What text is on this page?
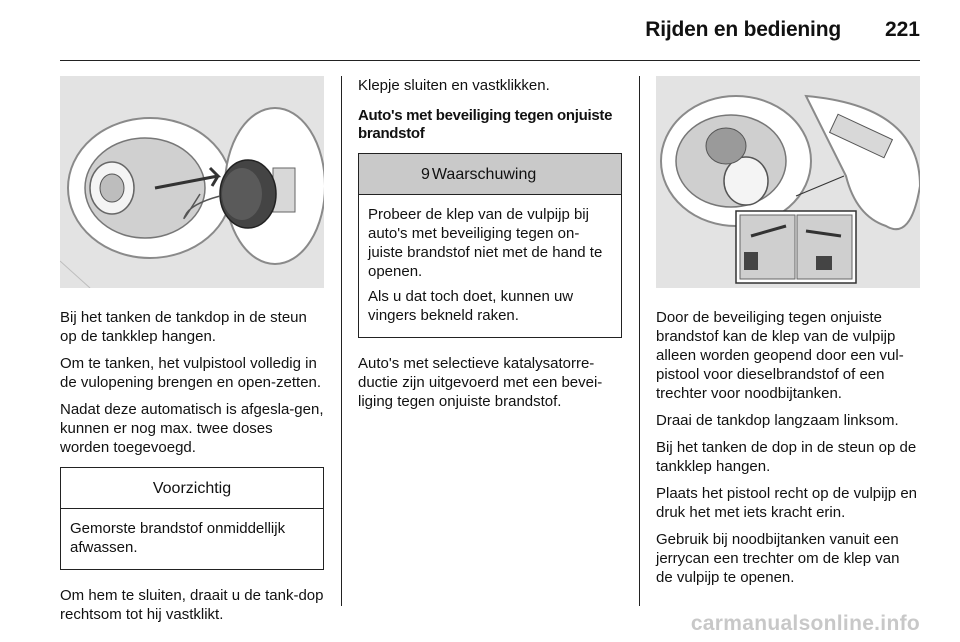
Rijden en bediening 221

Bij het tanken de tankdop in de steun op de tankklep hangen.

Om te tanken, het vulpistool volledig in de vulopening brengen en open-zetten.

Nadat deze automatisch is afgesla-gen, kunnen er nog max. twee doses worden toegevoegd.

Voorzichtig

Gemorste brandstof onmiddellijk afwassen.

Om hem te sluiten, draait u de tank-dop rechtsom tot hij vastklikt.

Klepje sluiten en vastklikken.

Auto's met beveiliging tegen onjuiste brandstof
9 Waarschuwing

Probeer de klep van de vulpijp bij auto's met beveiliging tegen on-juiste brandstof niet met de hand te openen.

Als u dat toch doet, kunnen uw vingers bekneld raken.

Auto's met selectieve katalysatorre-ductie zijn uitgevoerd met een bevei-liging tegen onjuiste brandstof.

Door de beveiliging tegen onjuiste brandstof kan de klep van de vulpijp alleen worden geopend door een vul-pistool voor dieselbrandstof of een trechter voor noodbijtanken.

Draai de tankdop langzaam linksom.

Bij het tanken de dop in de steun op de tankklep hangen.

Plaats het pistool recht op de vulpijp en druk het met iets kracht erin.

Gebruik bij noodbijtanken vanuit een jerrycan een trechter om de klep van de vulpijp te openen.

carmanualsonline.info
